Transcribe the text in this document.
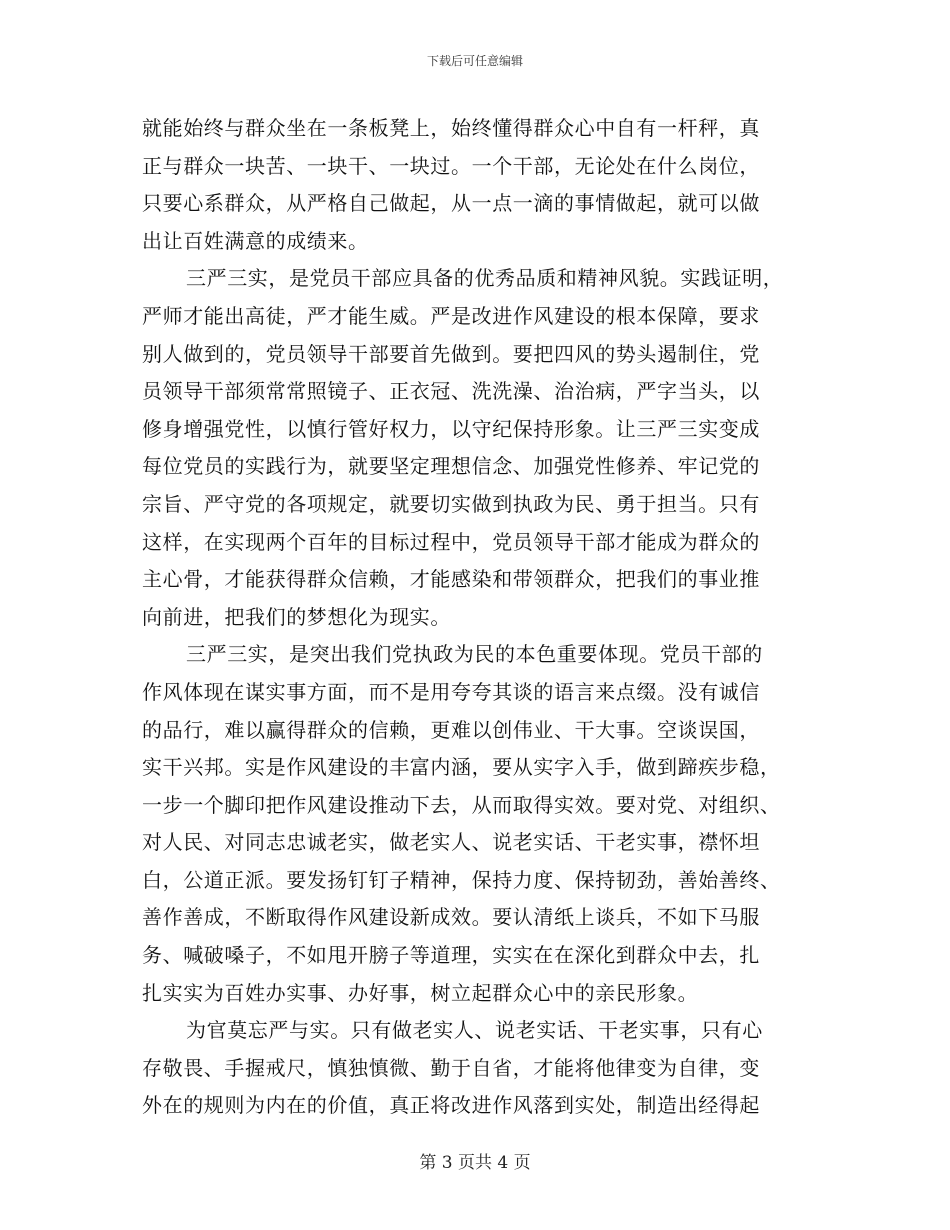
下载后可任意编辑
就能始终与群众坐在一条板凳上，始终懂得群众心中自有一杆秤，真
正与群众一块苦、一块干、一块过。一个干部，无论处在什么岗位，
只要心系群众，从严格自己做起，从一点一滴的事情做起，就可以做
出让百姓满意的成绩来。
三严三实，是党员干部应具备的优秀品质和精神风貌。实践证明，
严师才能出高徒，严才能生威。严是改进作风建设的根本保障，要求
别人做到的，党员领导干部要首先做到。要把四风的势头遏制住，党
员领导干部须常常照镜子、正衣冠、洗洗澡、治治病，严字当头，以
修身增强党性，以慎行管好权力，以守纪保持形象。让三严三实变成
每位党员的实践行为，就要坚定理想信念、加强党性修养、牢记党的
宗旨、严守党的各项规定，就要切实做到执政为民、勇于担当。只有
这样，在实现两个百年的目标过程中，党员领导干部才能成为群众的
主心骨，才能获得群众信赖，才能感染和带领群众，把我们的事业推
向前进，把我们的梦想化为现实。
三严三实，是突出我们党执政为民的本色重要体现。党员干部的
作风体现在谋实事方面，而不是用夸夸其谈的语言来点缀。没有诚信
的品行，难以赢得群众的信赖，更难以创伟业、干大事。空谈误国，
实干兴邦。实是作风建设的丰富内涵，要从实字入手，做到蹄疾步稳，
一步一个脚印把作风建设推动下去，从而取得实效。要对党、对组织、
对人民、对同志忠诚老实，做老实人、说老实话、干老实事，襟怀坦
白，公道正派。要发扬钉钉子精神，保持力度、保持韧劲，善始善终、
善作善成，不断取得作风建设新成效。要认清纸上谈兵，不如下马服
务、喊破嗓子，不如甩开膀子等道理，实实在在深化到群众中去，扎
扎实实为百姓办实事、办好事，树立起群众心中的亲民形象。
为官莫忘严与实。只有做老实人、说老实话、干老实事，只有心
存敬畏、手握戒尺，慎独慎微、勤于自省，才能将他律变为自律，变
外在的规则为内在的价值，真正将改进作风落到实处，制造出经得起
第 3 页共 4 页
